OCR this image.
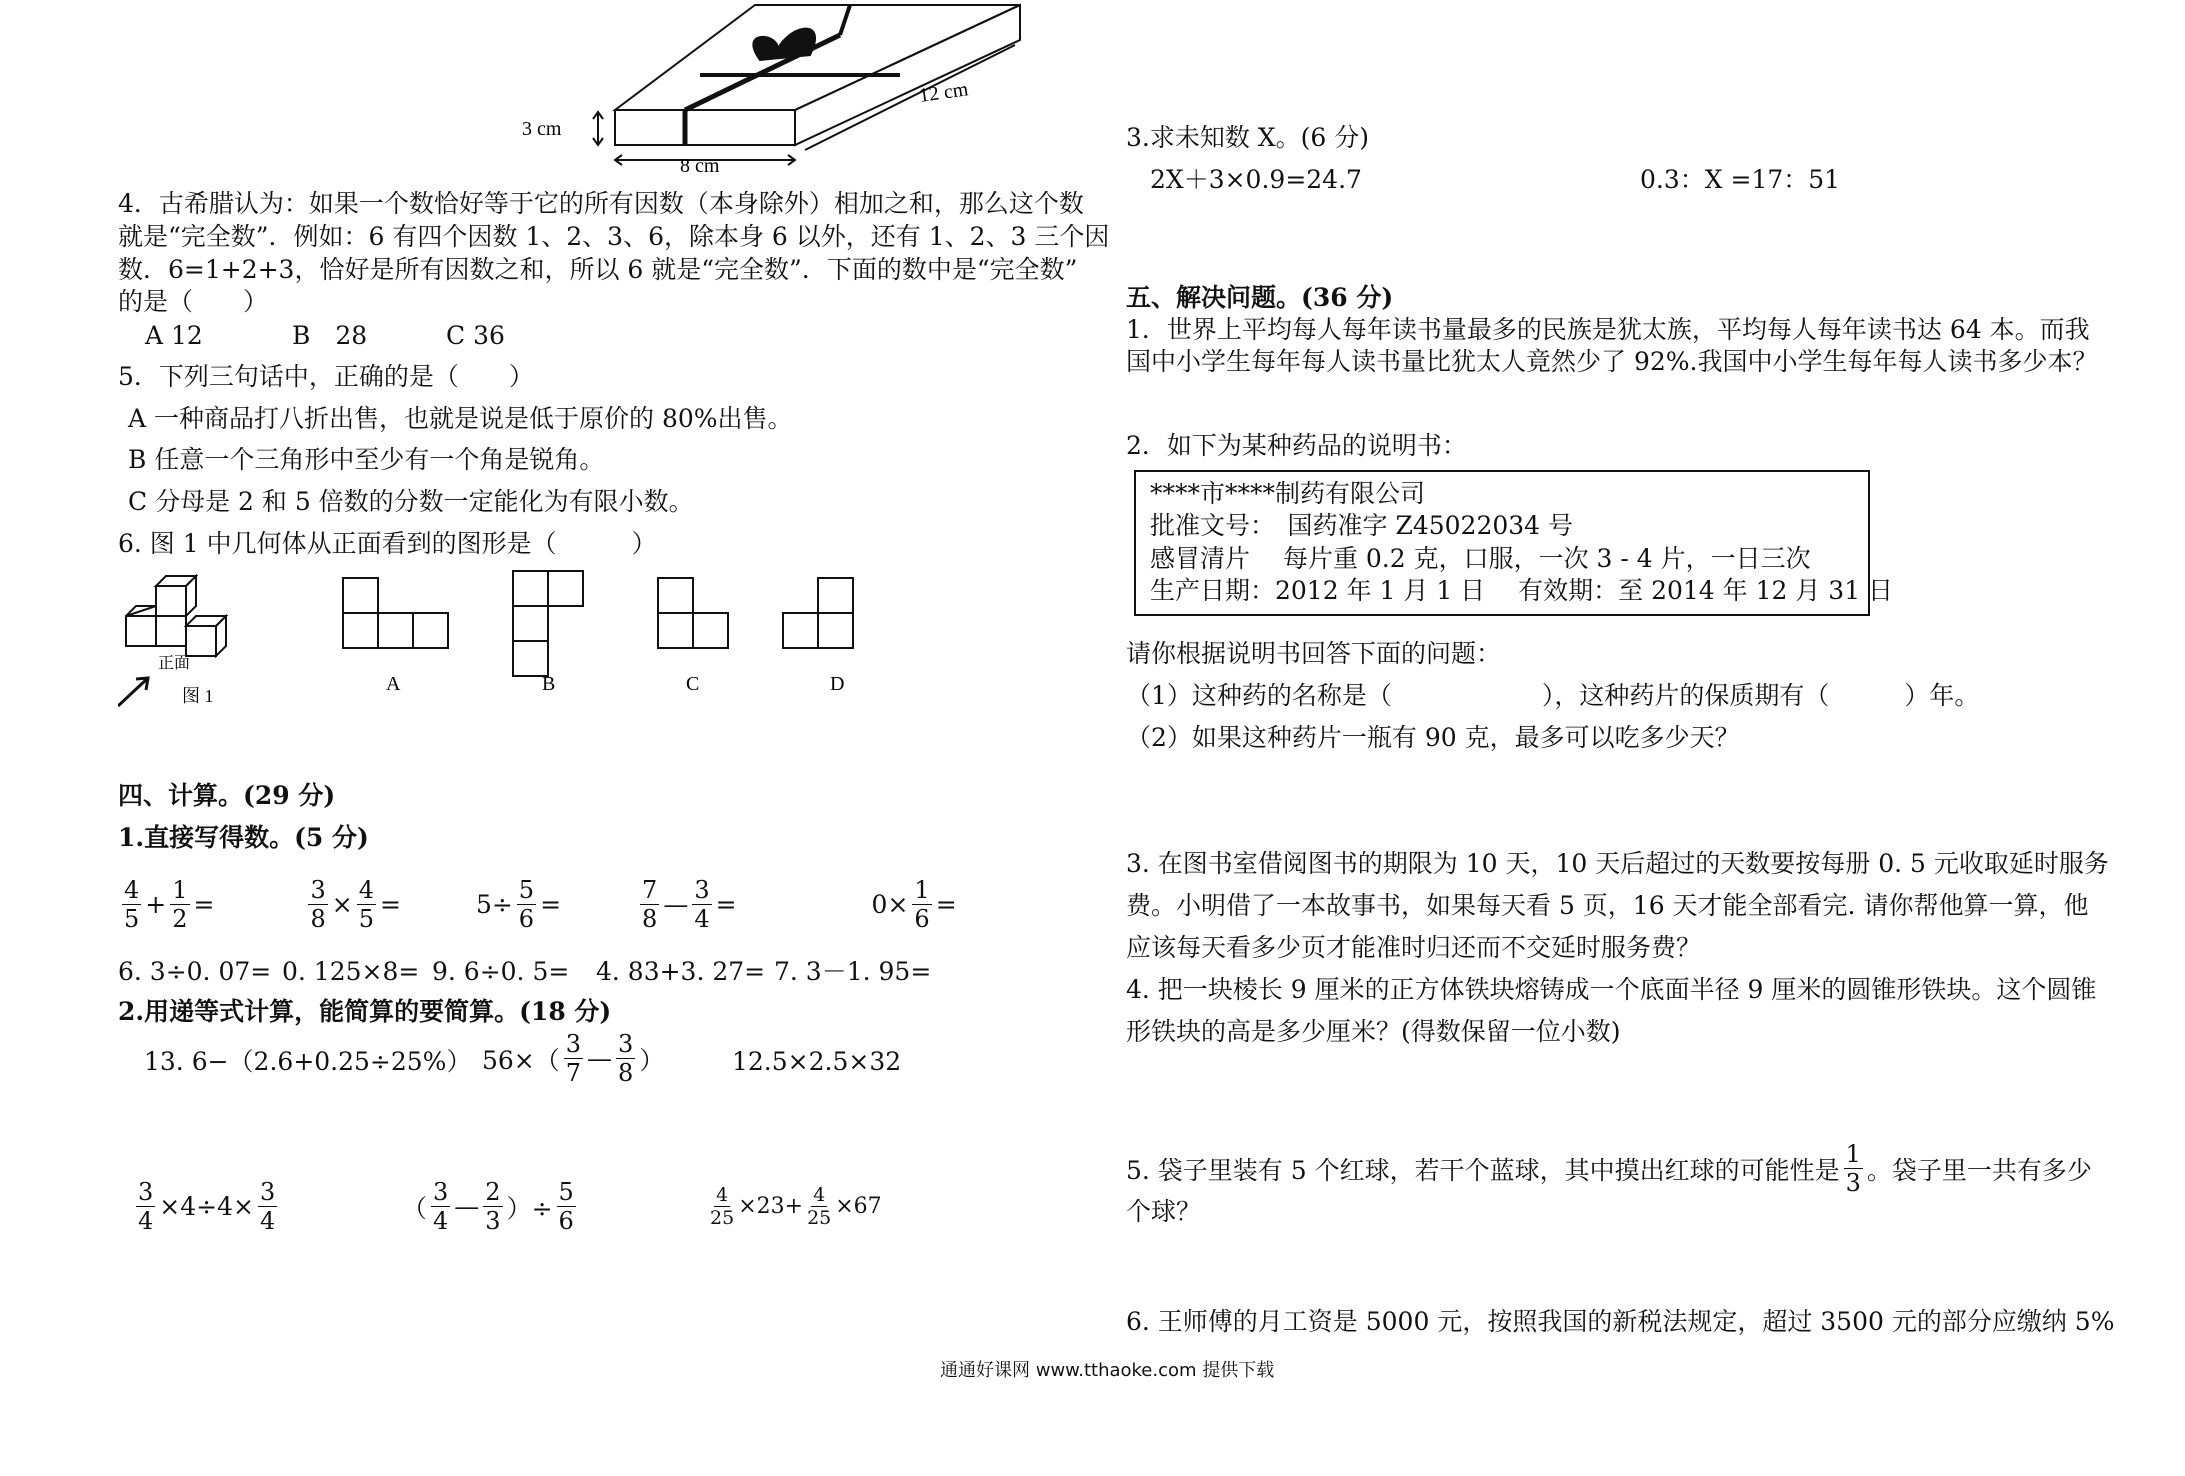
8 cm
12 cm
3 cm
4．古希腊认为：如果一个数恰好等于它的所有因数（本身除外）相加之和，那么这个数
就是“完全数”．例如：6 有四个因数 1、2、3、6，除本身 6 以外，还有 1、2、3 三个因
数．6=1+2+3，恰好是所有因数之和，所以 6 就是“完全数”．下面的数中是“完全数”
的是（　　）
A 12	B　28	C 36
5．下列三句话中，正确的是（　　）
A 一种商品打八折出售，也就是说是低于原价的 80%出售。
B 任意一个三角形中至少有一个角是锐角。
C 分母是 2 和 5 倍数的分数一定能化为有限小数。
6. 图 1 中几何体从正面看到的图形是（　　　）
正面
图 1
A	B	C	D
四、计算。(29 分)
1.直接写得数。(5 分)
$\frac{4}{5} + \frac{1}{2}$ =	$\frac{3}{8} \times \frac{4}{5}$ =	$5\div \frac{5}{6}$ =	$\frac{7}{8}$ — $\frac{3}{4}$ =	$0\times \frac{1}{6}$ =
6. 3÷0. 07= 0. 125×8= 9. 6÷0. 5= 4. 83+3. 27= 7. 3－1. 95=
2.用递等式计算，能简算的要简算。(18 分)
13. 6−（2.6+0.25÷25%） $56\times( \frac{3}{7}$ — $\frac{3}{8}$ ）	12.5×2.5×32
$\frac{3}{4} \times 4\div 4\times \frac{3}{4}$	（ $\frac{3}{4}$ — $\frac{2}{3}$ ）÷ $\frac{5}{6}$	$\frac{4}{25} \times 23+ \frac{4}{25} \times 67$
3.求未知数 X。(6 分)
2X＋3×0.9=24.7	0.3：X =17：51
五、解决问题。(36 分)
1．世界上平均每人每年读书量最多的民族是犹太族，平均每人每年读书达 64 本。而我
国中小学生每年每人读书量比犹太人竟然少了 92%.我国中小学生每年每人读书多少本？
2．如下为某种药品的说明书：
****市****制药有限公司
批准文号：　国药准字 Z45022034 号
感冒清片　 每片重 0.2 克，口服，一次 3 - 4 片，一日三次
生产日期：2012 年 1 月 1 日　 有效期：至 2014 年 12 月 31 日
请你根据说明书回答下面的问题：
（1）这种药的名称是（　　　　　　），这种药片的保质期有（　　　）年。
（2）如果这种药片一瓶有 90 克，最多可以吃多少天？
3. 在图书室借阅图书的期限为 10 天，10 天后超过的天数要按每册 0. 5 元收取延时服务
费。小明借了一本故事书，如果每天看 5 页，16 天才能全部看完. 请你帮他算一算，他
应该每天看多少页才能准时归还而不交延时服务费？
4. 把一块棱长 9 厘米的正方体铁块熔铸成一个底面半径 9 厘米的圆锥形铁块。这个圆锥
形铁块的高是多少厘米？(得数保留一位小数)
5. 袋子里装有 5 个红球，若干个蓝球，其中摸出红球的可能性是 $\frac{1}{3}$ 。袋子里一共有多少
个球？
6. 王师傅的月工资是 5000 元，按照我国的新税法规定，超过 3500 元的部分应缴纳 5%
通通好课网 www.tthaoke.com 提供下载
